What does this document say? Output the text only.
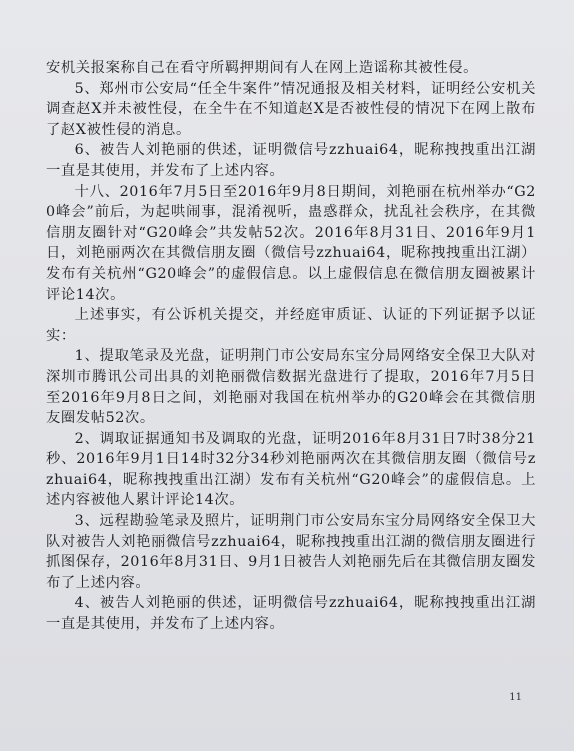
安机关报案称自己在看守所羁押期间有人在网上造谣称其被性侵。

5、郑州市公安局“任全牛案件”情况通报及相关材料，证明经公安机关调查赵X并未被性侵，在全牛在不知道赵X是否被性侵的情况下在网上散布了赵X被性侵的消息。

6、被告人刘艳丽的供述，证明微信号zzhuai64，昵称拽拽重出江湖一直是其使用，并发布了上述内容。

十八、2016年7月5日至2016年9月8日期间，刘艳丽在杭州举办“G20峰会”前后，为起哄闹事，混淆视听，蛊惑群众，扰乱社会秩序，在其微信朋友圈针对“G20峰会”共发帖52次。2016年8月31日、2016年9月1日，刘艳丽两次在其微信朋友圈（微信号zzhuai64，昵称拽拽重出江湖）发布有关杭州“G20峰会”的虚假信息。以上虚假信息在微信朋友圈被累计评论14次。

上述事实，有公诉机关提交，并经庭审质证、认证的下列证据予以证实：

1、提取笔录及光盘，证明荆门市公安局东宝分局网络安全保卫大队对深圳市腾讯公司出具的刘艳丽微信数据光盘进行了提取，2016年7月5日至2016年9月8日之间，刘艳丽对我国在杭州举办的G20峰会在其微信朋友圈发帖52次。

2、调取证据通知书及调取的光盘，证明2016年8月31日7时38分21秒、2016年9月1日14时32分34秒刘艳丽两次在其微信朋友圈（微信号zzhuai64，昵称拽拽重出江湖）发布有关杭州“G20峰会”的虚假信息。上述内容被他人累计评论14次。

3、远程勘验笔录及照片，证明荆门市公安局东宝分局网络安全保卫大队对被告人刘艳丽微信号zzhuai64，昵称拽拽重出江湖的微信朋友圈进行抓图保存，2016年8月31日、9月1日被告人刘艳丽先后在其微信朋友圈发布了上述内容。

4、被告人刘艳丽的供述，证明微信号zzhuai64，昵称拽拽重出江湖一直是其使用，并发布了上述内容。

11
